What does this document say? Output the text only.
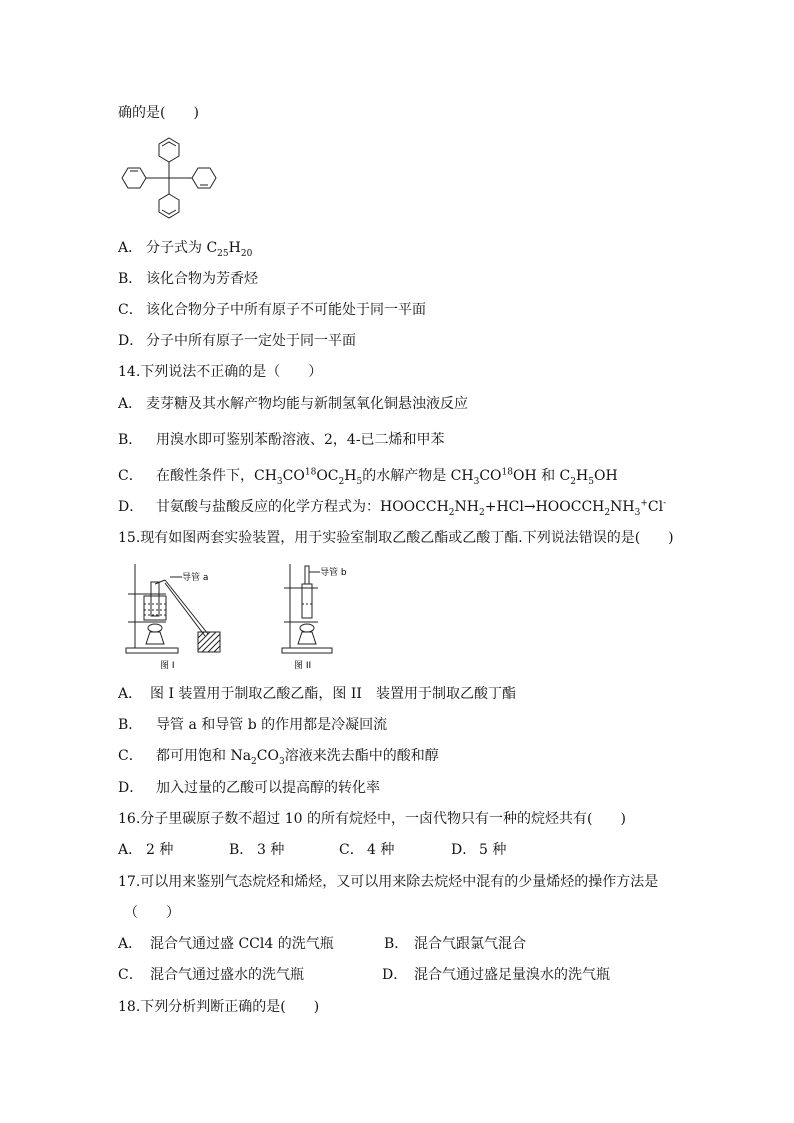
确的是(　　)
A． 分子式为 $C_{25}H_{20}$
B． 该化合物为芳香烃
C． 该化合物分子中所有原子不可能处于同一平面
D． 分子中所有原子一定处于同一平面
14.下列说法不正确的是（　　）
A． 麦芽糖及其水解产物均能与新制氢氧化铜悬浊液反应
B． 用溴水即可鉴别苯酚溶液、2，4-已二烯和甲苯
C． 在酸性条件下，$CH_3CO^{18}OC_2H_5$的水解产物是 $CH_3CO^{18}OH$ 和 $C_2H_5OH$
D． 甘氨酸与盐酸反应的化学方程式为：$HOOCCH_2NH_2+HCl\to HOOCCH_2NH_3^+Cl^-$
15.现有如图两套实验装置，用于实验室制取乙酸乙酯或乙酸丁酯.下列说法错误的是(　　)
导管 a
图 I
导管 b
图 II
A． 图 I 装置用于制取乙酸乙酯，图 II　装置用于制取乙酸丁酯
B． 导管 a 和导管 b 的作用都是冷凝回流
C． 都可用饱和 $Na_2CO_3$溶液来洗去酯中的酸和醇
D． 加入过量的乙酸可以提高醇的转化率
16.分子里碳原子数不超过 10 的所有烷烃中，一卤代物只有一种的烷烃共有(　　)
A． 2 种	B． 3 种	C． 4 种	D． 5 种
17.可以用来鉴别气态烷烃和烯烃，又可以用来除去烷烃中混有的少量烯烃的操作方法是
（　　）
A． 混合气通过盛 CCl4 的洗气瓶	B． 混合气跟氯气混合
C． 混合气通过盛水的洗气瓶	D． 混合气通过盛足量溴水的洗气瓶
18.下列分析判断正确的是(　　)
